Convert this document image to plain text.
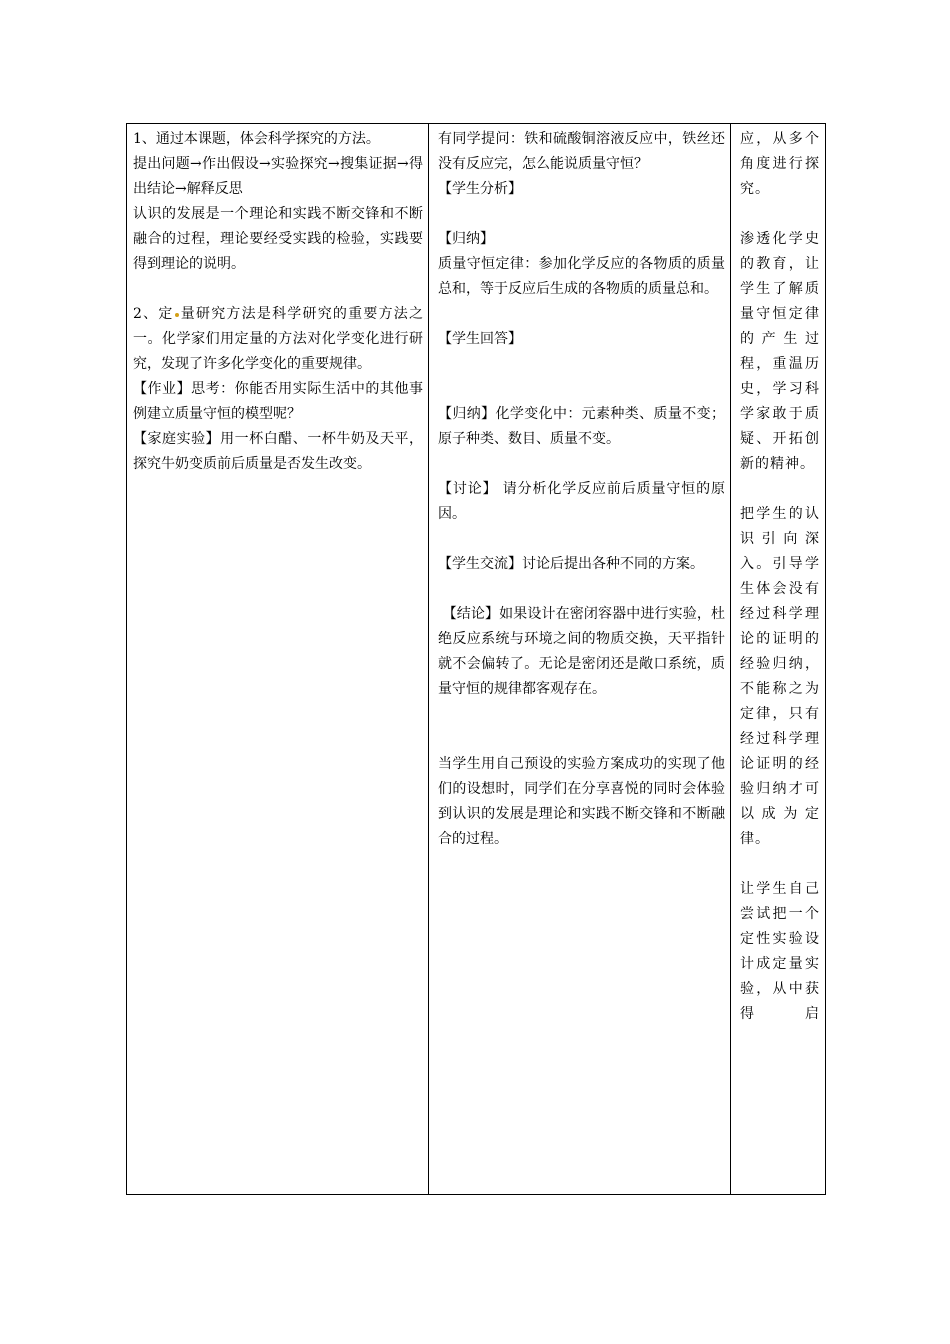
1、通过本课题，体会科学探究的方法。

提出问题→作出假设→实验探究→搜集证据→得出结论→解释反思

认识的发展是一个理论和实践不断交锋和不断融合的过程，理论要经受实践的检验，实践要得到理论的说明。

2、定 量研究方法是科学研究的重要方法之一。化学家们用定量的方法对化学变化进行研究，发现了许多化学变化的重要规律。

【作业】思考：你能否用实际生活中的其他事例建立质量守恒的模型呢？

【家庭实验】用一杯白醋、一杯牛奶及天平，探究牛奶变质前后质量是否发生改变。

有同学提问：铁和硫酸铜溶液反应中，铁丝还没有反应完，怎么能说质量守恒？

【学生分析】

【归纳】

质量守恒定律：参加化学反应的各物质的质量总和，等于反应后生成的各物质的质量总和。

【学生回答】

【归纳】化学变化中：元素种类、质量不变；原子种类、数目、质量不变。

【讨论】 请分析化学反应前后质量守恒的原因。

【学生交流】讨论后提出各种不同的方案。

【结论】如果设计在密闭容器中进行实验，杜绝反应系统与环境之间的物质交换，天平指针就不会偏转了。无论是密闭还是敞口系统，质量守恒的规律都客观存在。

当学生用自己预设的实验方案成功的实现了他们的设想时，同学们在分享喜悦的同时会体验到认识的发展是理论和实践不断交锋和不断融合的过程。

应，从多个角度进行探究。

渗透化学史的教育，让学生了解质量守恒定律的产生过程，重温历史，学习科学家敢于质疑、开拓创新的精神。

把学生的认识引向深入。引导学生体会没有经过科学理论的证明的经验归纳，不能称之为定律，只有经过科学理论证明的经验归纳才可以成为定律。

让学生自己尝试把一个定性实验设计成定量实验，从中获得启
